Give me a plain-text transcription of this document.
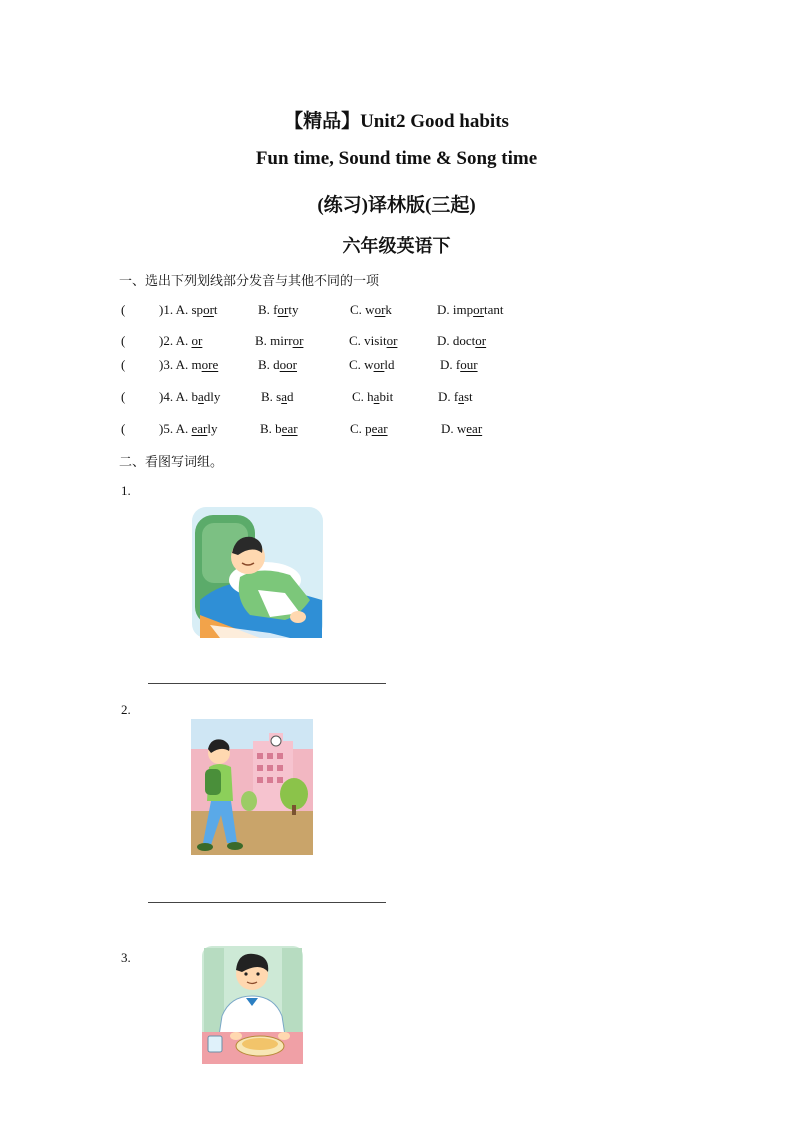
【精品】Unit2 Good habits
Fun time, Sound time & Song time
(练习)译林版(三起)
六年级英语下
一、选出下列划线部分发音与其他不同的一项
(	)1. A. sport	B. forty	C. work	D. important
(	)2. A. or	B. mirror	C. visitor	D. doctor
(	)3. A. more	B. door	C. world	D. four
(	)4. A. badly	B. sad	C. habit	D. fast
(	)5. A. early	B. bear	C. pear	D. wear
二、看图写词组。
1.
2.
3.
